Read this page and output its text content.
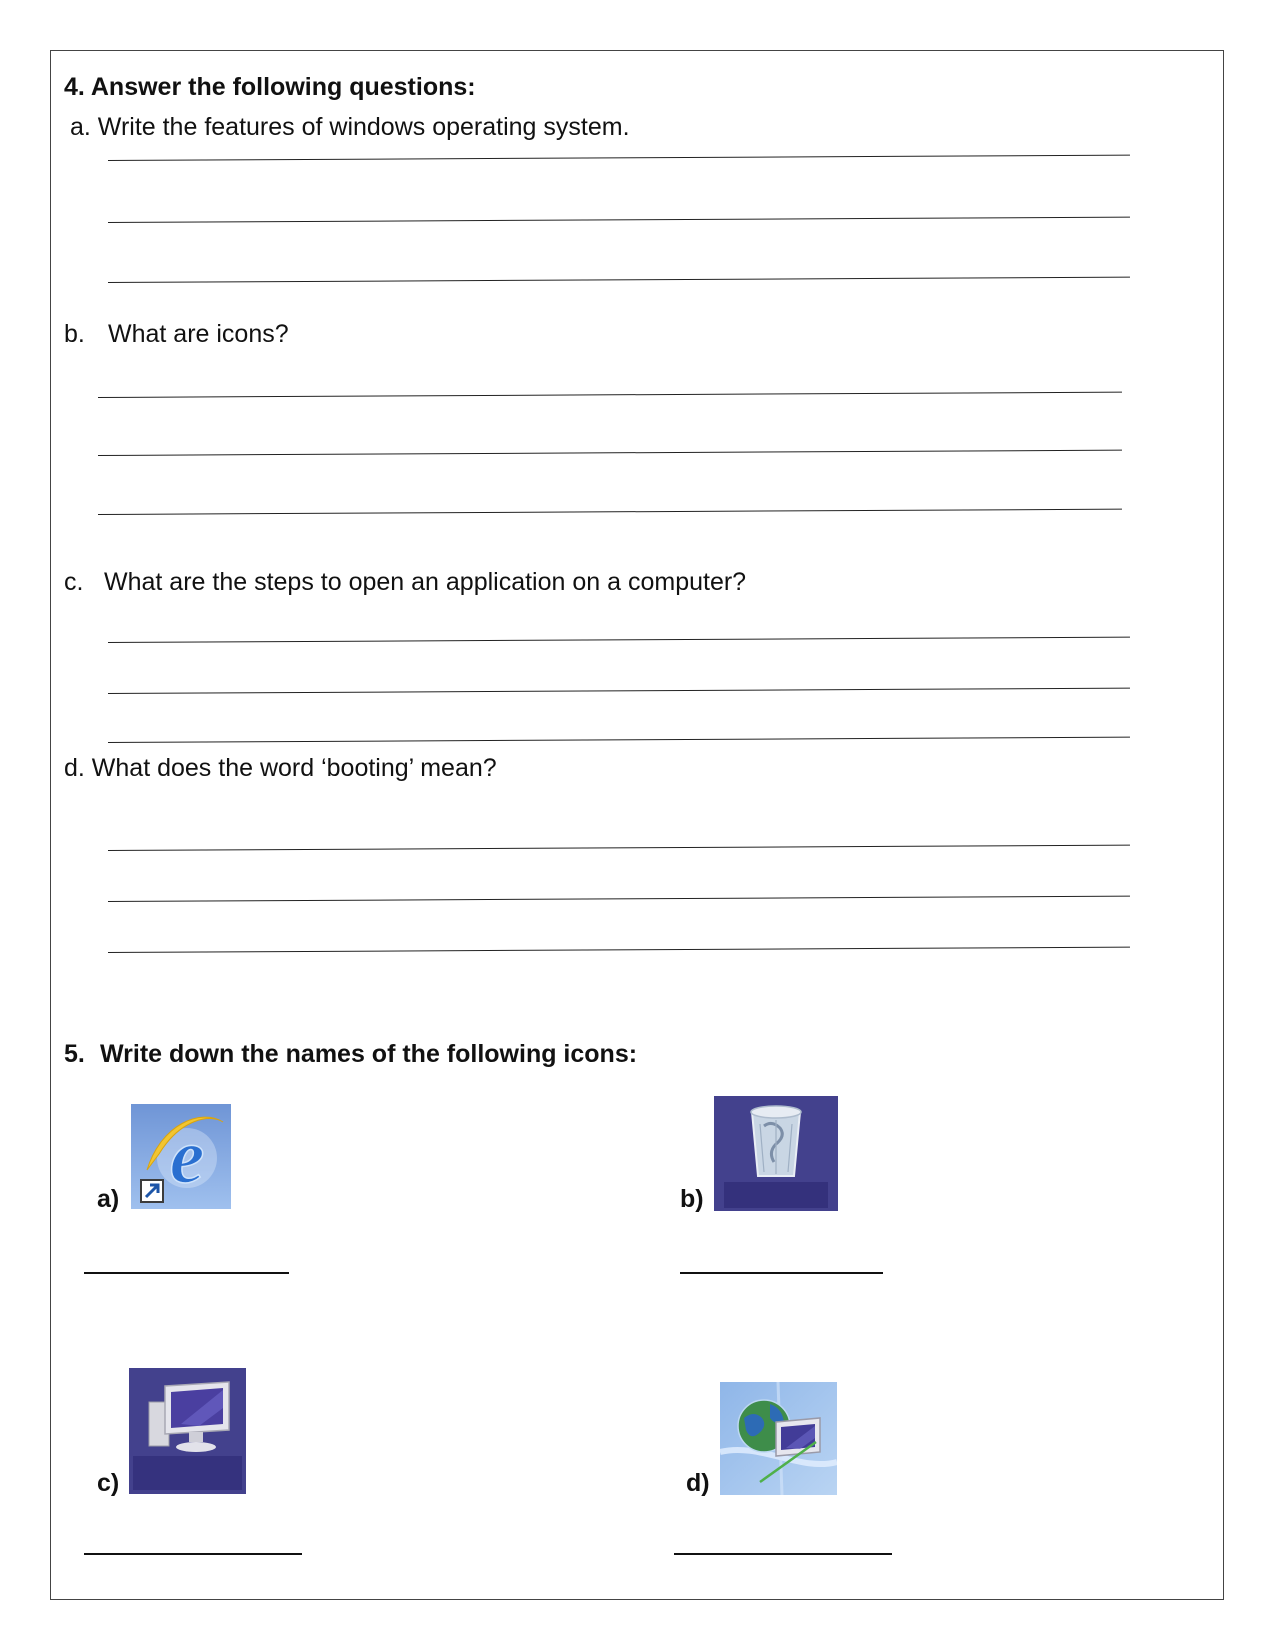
4. Answer the following questions:
a. Write the features of windows operating system.
b. What are icons?
c. What are the steps to open an application on a computer?
d. What does the word ‘booting’ mean?
5. Write down the names of the following icons:
e
a)	b)
c)	d)
